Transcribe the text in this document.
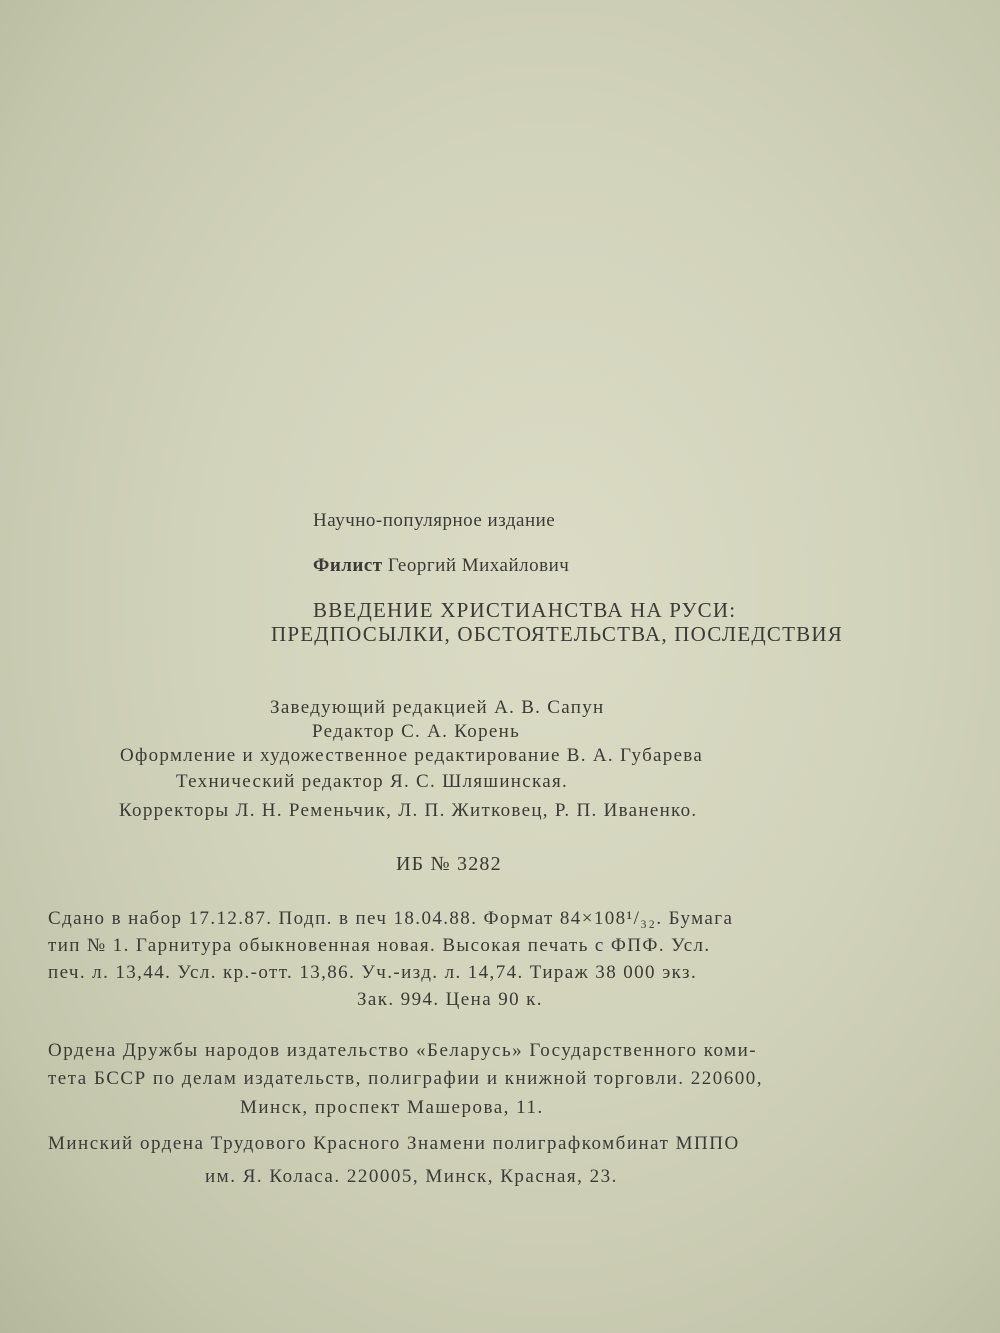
Научно-популярное издание
Филист Георгий Михайлович
ВВЕДЕНИЕ ХРИСТИАНСТВА НА РУСИ:
ПРЕДПОСЫЛКИ, ОБСТОЯТЕЛЬСТВА, ПОСЛЕДСТВИЯ
Заведующий редакцией А. В. Сапун
Редактор С. А. Корень
Оформление и художественное редактирование В. А. Губарева
Технический редактор Я. С. Шляшинская.
Корректоры Л. Н. Ременьчик, Л. П. Житковец, Р. П. Иваненко.
ИБ № 3282
Сдано в набор 17.12.87. Подп. в печ 18.04.88. Формат 84×108¹/₃₂. Бумага
тип № 1. Гарнитура обыкновенная новая. Высокая печать с ФПФ. Усл.
печ. л. 13,44. Усл. кр.-отт. 13,86. Уч.-изд. л. 14,74. Тираж 38 000 экз.
Зак. 994. Цена 90 к.
Ордена Дружбы народов издательство «Беларусь» Государственного коми-
тета БССР по делам издательств, полиграфии и книжной торговли. 220600,
Минск, проспект Машерова, 11.
Минский ордена Трудового Красного Знамени полиграфкомбинат МППО
им. Я. Коласа. 220005, Минск, Красная, 23.
